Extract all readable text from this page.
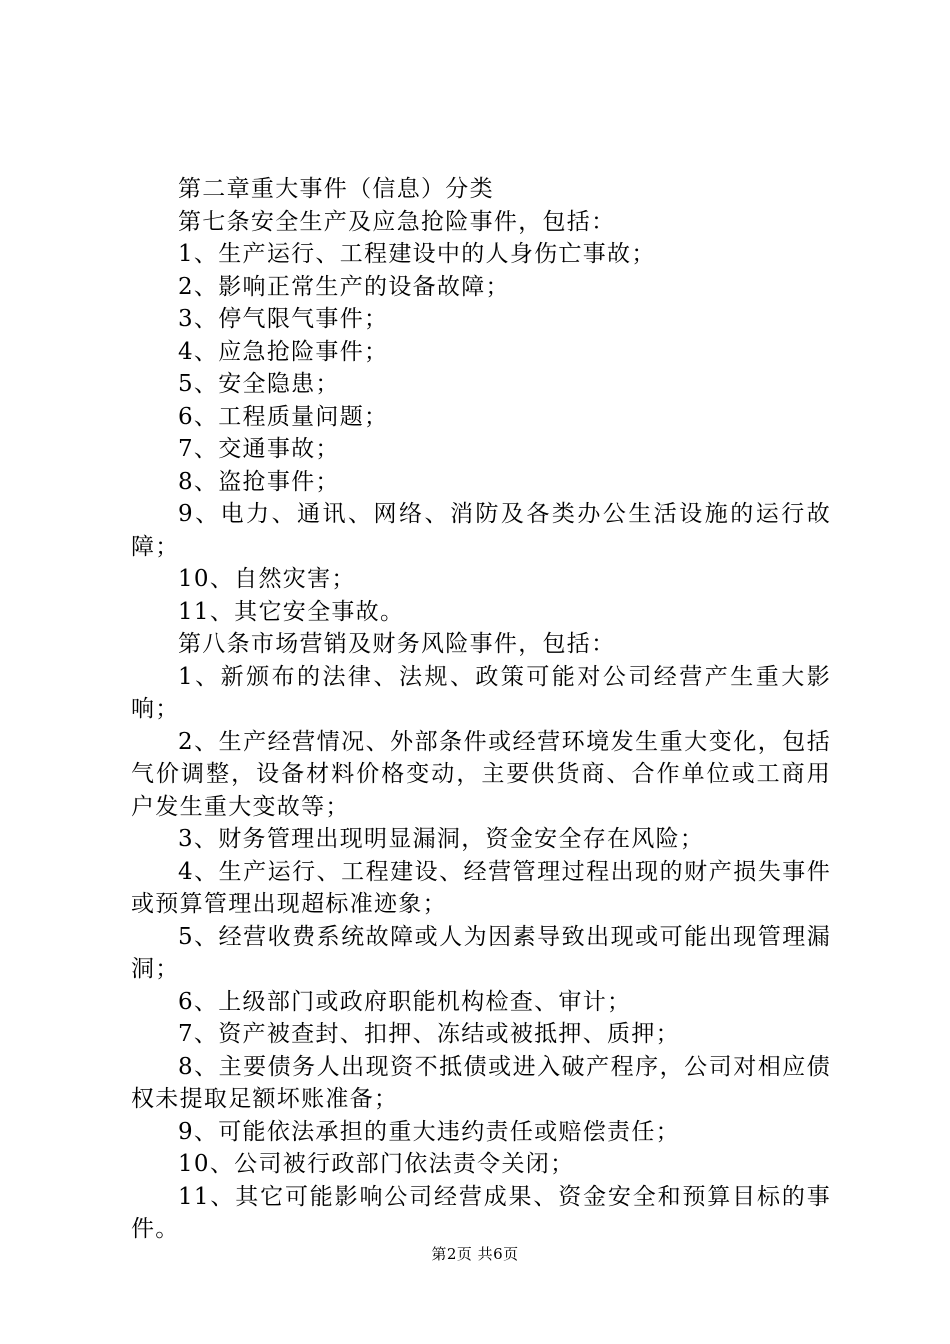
第二章重大事件（信息）分类

第七条安全生产及应急抢险事件，包括：

1、生产运行、工程建设中的人身伤亡事故；

2、影响正常生产的设备故障；

3、停气限气事件；

4、应急抢险事件；

5、安全隐患；

6、工程质量问题；

7、交通事故；

8、盗抢事件；

9、电力、通讯、网络、消防及各类办公生活设施的运行故障；

10、自然灾害；

11、其它安全事故。

第八条市场营销及财务风险事件，包括：

1、新颁布的法律、法规、政策可能对公司经营产生重大影响；

2、生产经营情况、外部条件或经营环境发生重大变化，包括气价调整，设备材料价格变动，主要供货商、合作单位或工商用户发生重大变故等；

3、财务管理出现明显漏洞，资金安全存在风险；

4、生产运行、工程建设、经营管理过程出现的财产损失事件或预算管理出现超标准迹象；

5、经营收费系统故障或人为因素导致出现或可能出现管理漏洞；

6、上级部门或政府职能机构检查、审计；

7、资产被查封、扣押、冻结或被抵押、质押；

8、主要债务人出现资不抵债或进入破产程序，公司对相应债权未提取足额坏账准备；

9、可能依法承担的重大违约责任或赔偿责任；

10、公司被行政部门依法责令关闭；

11、其它可能影响公司经营成果、资金安全和预算目标的事件。

第2页 共6页
